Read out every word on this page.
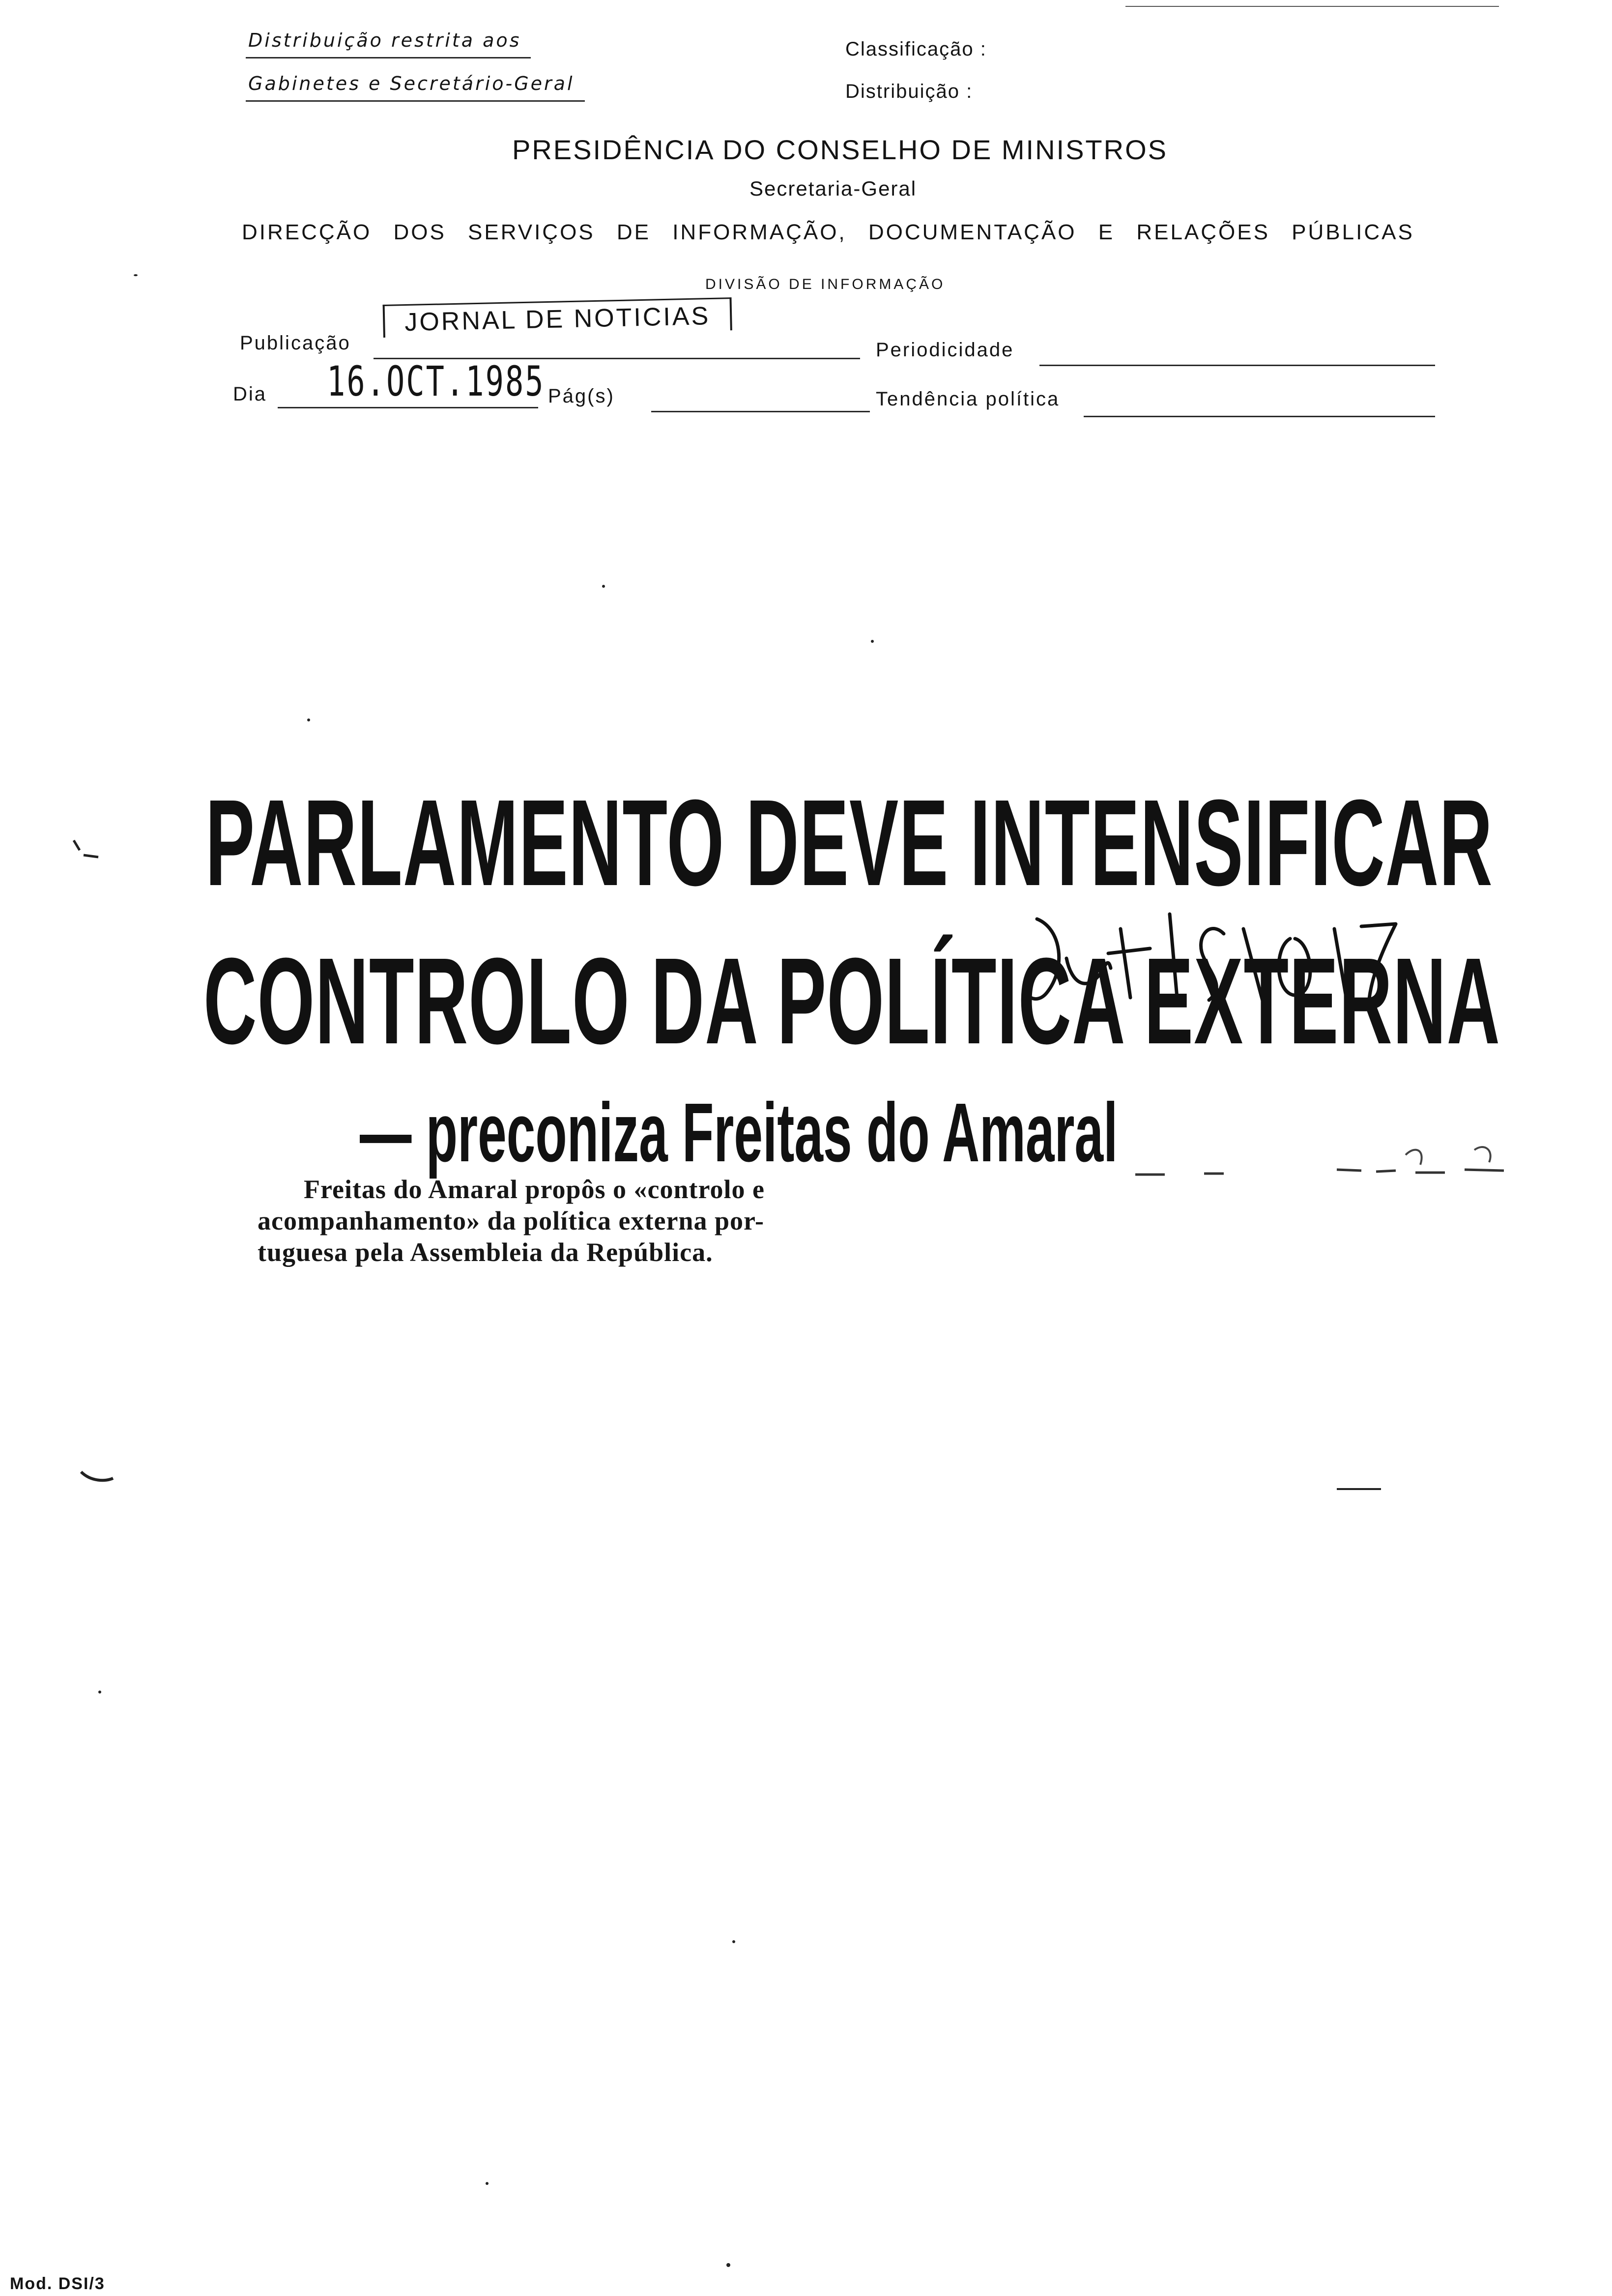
Distribuição restrita aos
Gabinetes e Secretário-Geral
Classificação :
Distribuição :
PRESIDÊNCIA DO CONSELHO DE MINISTROS
Secretaria-Geral
DIRECÇÃO DOS SERVIÇOS DE INFORMAÇÃO, DOCUMENTAÇÃO E RELAÇÕES PÚBLICAS
DIVISÃO DE INFORMAÇÃO
Publicação
JORNAL DE NOTICIAS
Periodicidade
Dia 16.OCT.1985 Pág(s)	Tendência política
PARLAMENTO DEVE INTENSIFICAR
CONTROLO DA POLÍTICA EXTERNA
— preconiza Freitas do Amaral
Freitas do Amaral propôs o «controlo e
acompanhamento» da política externa por-
tuguesa pela Assembleia da República.
Mod. DSI/3
